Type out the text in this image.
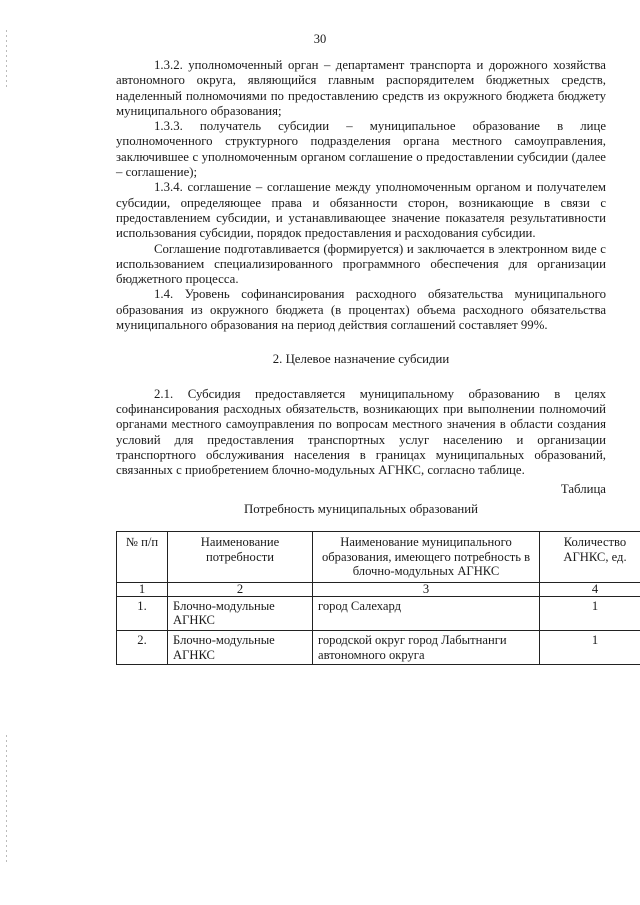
30

1.3.2. уполномоченный орган – департамент транспорта и дорожного хозяйства автономного округа, являющийся главным распорядителем бюджетных средств, наделенный полномочиями по предоставлению средств из окружного бюджета бюджету муниципального образования;

1.3.3. получатель субсидии – муниципальное образование в лице уполномоченного структурного подразделения органа местного самоуправления, заключившее с уполномоченным органом соглашение о предоставлении субсидии (далее – соглашение);

1.3.4. соглашение – соглашение между уполномоченным органом и получателем субсидии, определяющее права и обязанности сторон, возникающие в связи с предоставлением субсидии, и устанавливающее значение показателя результативности использования субсидии, порядок предоставления и расходования субсидии.

Соглашение подготавливается (формируется) и заключается в электронном виде с использованием специализированного программного обеспечения для организации бюджетного процесса.

1.4. Уровень софинансирования расходного обязательства муниципального образования из окружного бюджета (в процентах) объема расходного обязательства муниципального образования на период действия соглашений составляет 99%.

2. Целевое назначение субсидии

2.1. Субсидия предоставляется муниципальному образованию в целях софинансирования расходных обязательств, возникающих при выполнении полномочий органами местного самоуправления по вопросам местного значения в области создания условий для предоставления транспортных услуг населению и организации транспортного обслуживания населения в границах муниципальных образований, связанных с приобретением блочно-модульных АГНКС, согласно таблице.

Таблица
Потребность муниципальных образований
№ п/п	Наименование потребности	Наименование муниципального образования, имеющего потребность в блочно-модульных АГНКС	Количество АГНКС, ед.
1	2	3	4
1.	Блочно-модульные АГНКС	город Салехард	1
2.	Блочно-модульные АГНКС	городской округ город Лабытнанги автономного округа	1
